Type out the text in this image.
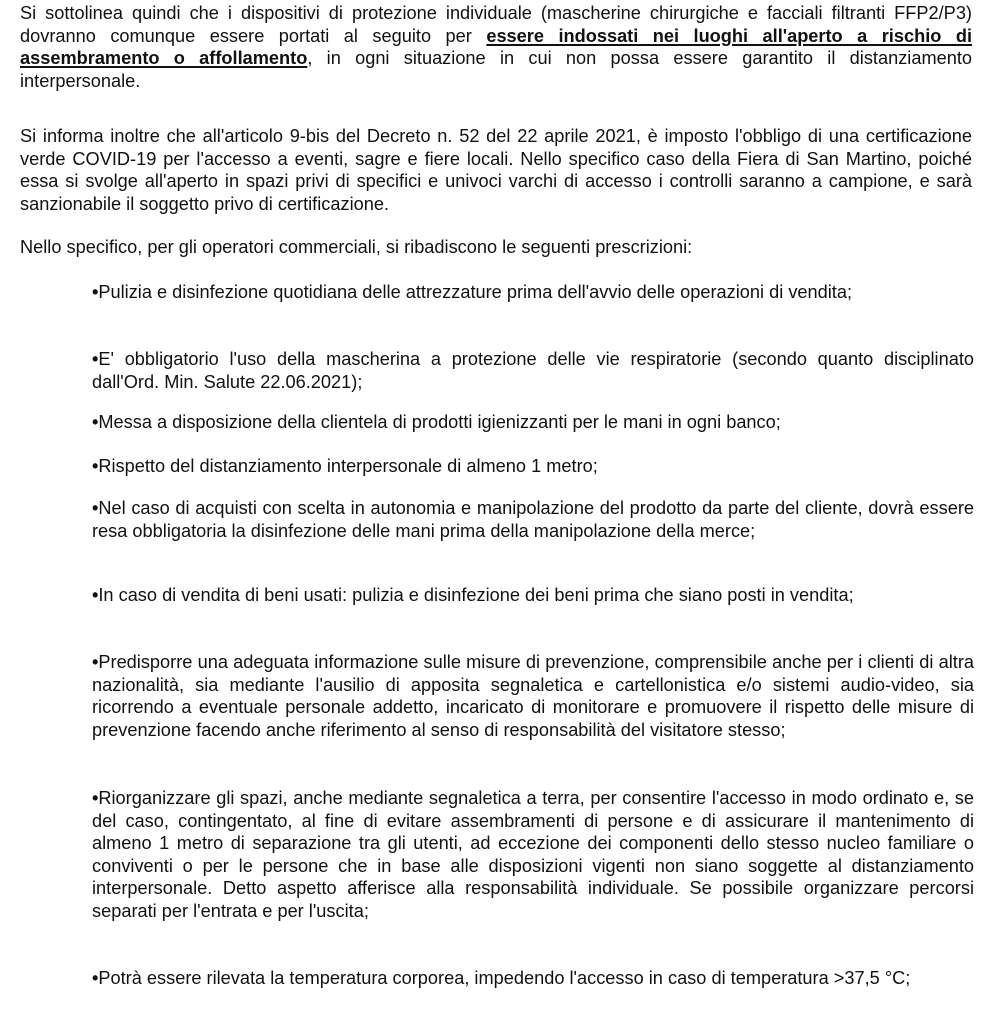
Si sottolinea quindi che i dispositivi di protezione individuale (mascherine chirurgiche e facciali filtranti FFP2/P3) dovranno comunque essere portati al seguito per essere indossati nei luoghi all'aperto a rischio di assembramento o affollamento, in ogni situazione in cui non possa essere garantito il distanziamento interpersonale.

Si informa inoltre che all'articolo 9-bis del Decreto n. 52 del 22 aprile 2021, è imposto l'obbligo di una certificazione verde COVID-19 per l'accesso a eventi, sagre e fiere locali. Nello specifico caso della Fiera di San Martino, poiché essa si svolge all'aperto in spazi privi di specifici e univoci varchi di accesso i controlli saranno a campione, e sarà sanzionabile il soggetto privo di certificazione.

Nello specifico, per gli operatori commerciali, si ribadiscono le seguenti prescrizioni:

•Pulizia e disinfezione quotidiana delle attrezzature prima dell'avvio delle operazioni di vendita;

•E' obbligatorio l'uso della mascherina a protezione delle vie respiratorie (secondo quanto disciplinato dall'Ord. Min. Salute 22.06.2021);

•Messa a disposizione della clientela di prodotti igienizzanti per le mani in ogni banco;

•Rispetto del distanziamento interpersonale di almeno 1 metro;

•Nel caso di acquisti con scelta in autonomia e manipolazione del prodotto da parte del cliente, dovrà essere resa obbligatoria la disinfezione delle mani prima della manipolazione della merce;

•In caso di vendita di beni usati: pulizia e disinfezione dei beni prima che siano posti in vendita;

•Predisporre una adeguata informazione sulle misure di prevenzione, comprensibile anche per i clienti di altra nazionalità, sia mediante l'ausilio di apposita segnaletica e cartellonistica e/o sistemi audio-video, sia ricorrendo a eventuale personale addetto, incaricato di monitorare e promuovere il rispetto delle misure di prevenzione facendo anche riferimento al senso di responsabilità del visitatore stesso;

•Riorganizzare gli spazi, anche mediante segnaletica a terra, per consentire l'accesso in modo ordinato e, se del caso, contingentato, al fine di evitare assembramenti di persone e di assicurare il mantenimento di almeno 1 metro di separazione tra gli utenti, ad eccezione dei componenti dello stesso nucleo familiare o conviventi o per le persone che in base alle disposizioni vigenti non siano soggette al distanziamento interpersonale. Detto aspetto afferisce alla responsabilità individuale. Se possibile organizzare percorsi separati per l'entrata e per l'uscita;

•Potrà essere rilevata la temperatura corporea, impedendo l'accesso in caso di temperatura >37,5 °C;
